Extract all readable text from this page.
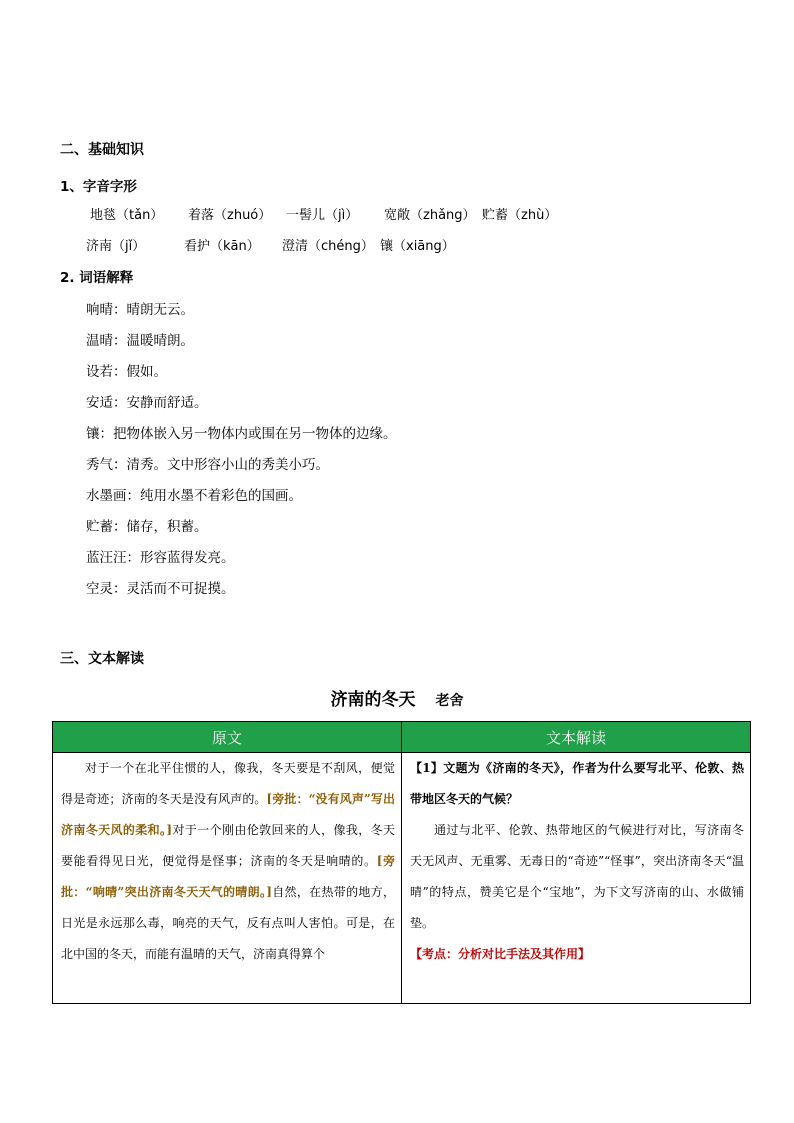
二、基础知识
1、字音字形
地毯（tǎn） 着落（zhuó） 一髻儿（jì） 宽敞（zhǎng） 贮蓄（zhù）
济南（jǐ）	看护（kān） 澄清（chéng） 镶（xiāng）
2. 词语解释
响晴：晴朗无云。
温晴：温暖晴朗。
设若：假如。
安适：安静而舒适。
镶：把物体嵌入另一物体内或围在另一物体的边缘。
秀气：清秀。文中形容小山的秀美小巧。
水墨画：纯用水墨不着彩色的国画。
贮蓄：储存，积蓄。
蓝汪汪：形容蓝得发亮。
空灵：灵活而不可捉摸。
三、文本解读
济南的冬天 老舍
原文	文本解读

对于一个在北平住惯的人，像我，冬天要是不刮风，便觉得是奇迹；济南的冬天是没有风声的。[旁批：“没有风声”写出济南冬天风的柔和。]对于一个刚由伦敦回来的人，像我，冬天要能看得见日光，便觉得是怪事；济南的冬天是响晴的。[旁批：“响晴”突出济南冬天天气的晴朗。]自然，在热带的地方，日光是永远那么毒，响亮的天气，反有点叫人害怕。可是，在北中国的冬天，而能有温晴的天气，济南真得算个	【1】文题为《济南的冬天》，作者为什么要写北平、伦敦、热带地区冬天的气候？
通过与北平、伦敦、热带地区的气候进行对比，写济南冬天无风声、无重雾、无毒日的“奇迹”“怪事”，突出济南冬天“温晴”的特点，赞美它是个“宝地”，为下文写济南的山、水做铺垫。
【考点：分析对比手法及其作用】
